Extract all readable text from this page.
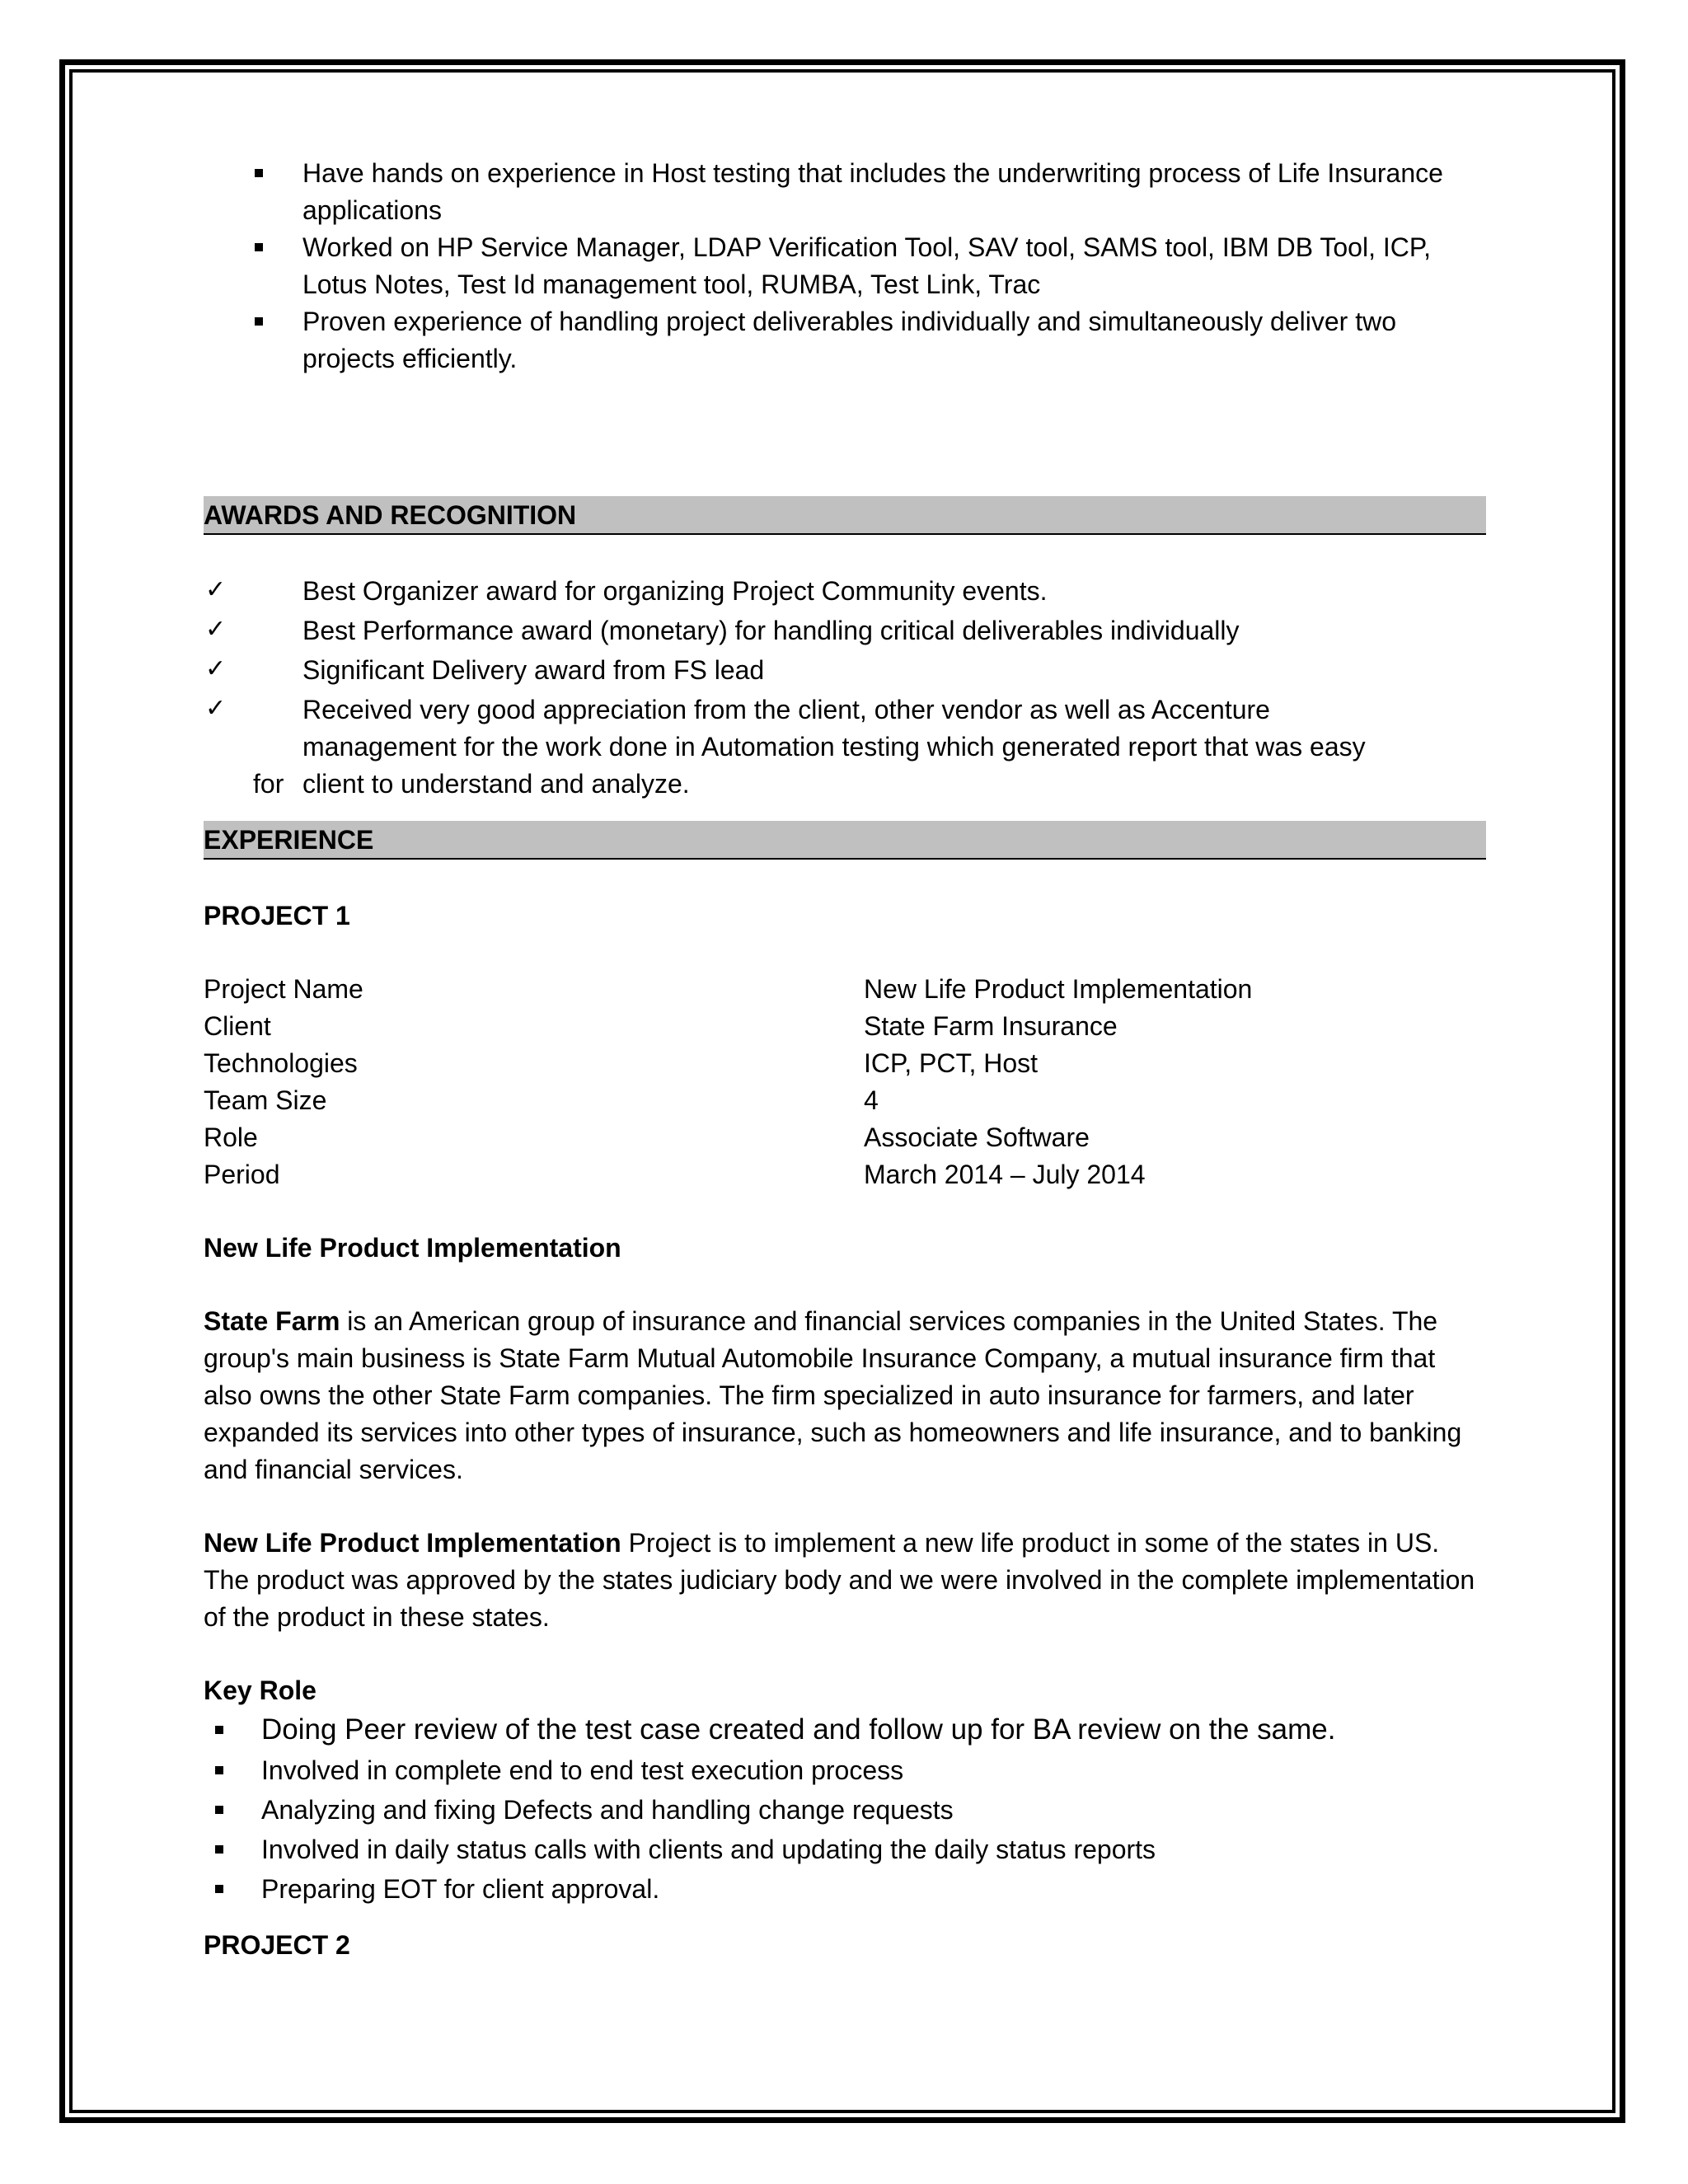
Have hands on experience in Host testing that includes the underwriting process of Life Insurance applications
Worked on HP Service Manager, LDAP Verification Tool, SAV tool, SAMS tool, IBM DB Tool, ICP, Lotus Notes, Test Id management tool, RUMBA, Test Link, Trac
Proven experience of handling project deliverables individually and simultaneously deliver two projects efficiently.
AWARDS AND RECOGNITION
✓	Best Organizer award for organizing Project Community events.
✓	Best Performance award (monetary) for handling critical deliverables individually
✓	Significant Delivery award from FS lead
✓	Received very good appreciation from the client, other vendor as well as Accenture
management for the work done in Automation testing which generated report that was easy
for client to understand and analyze.
EXPERIENCE
PROJECT 1
Project Name	New Life Product Implementation
Client	State Farm Insurance
Technologies	ICP, PCT, Host
Team Size	4
Role	Associate Software
Period	March 2014 – July 2014
New Life Product Implementation

State Farm is an American group of insurance and financial services companies in the United States. The group's main business is State Farm Mutual Automobile Insurance Company, a mutual insurance firm that also owns the other State Farm companies. The firm specialized in auto insurance for farmers, and later expanded its services into other types of insurance, such as homeowners and life insurance, and to banking and financial services.

New Life Product Implementation Project is to implement a new life product in some of the states in US. The product was approved by the states judiciary body and we were involved in the complete implementation of the product in these states.

Key Role
Doing Peer review of the test case created and follow up for BA review on the same.
Involved in complete end to end test execution process
Analyzing and fixing Defects and handling change requests
Involved in daily status calls with clients and updating the daily status reports
Preparing EOT for client approval.
PROJECT 2
